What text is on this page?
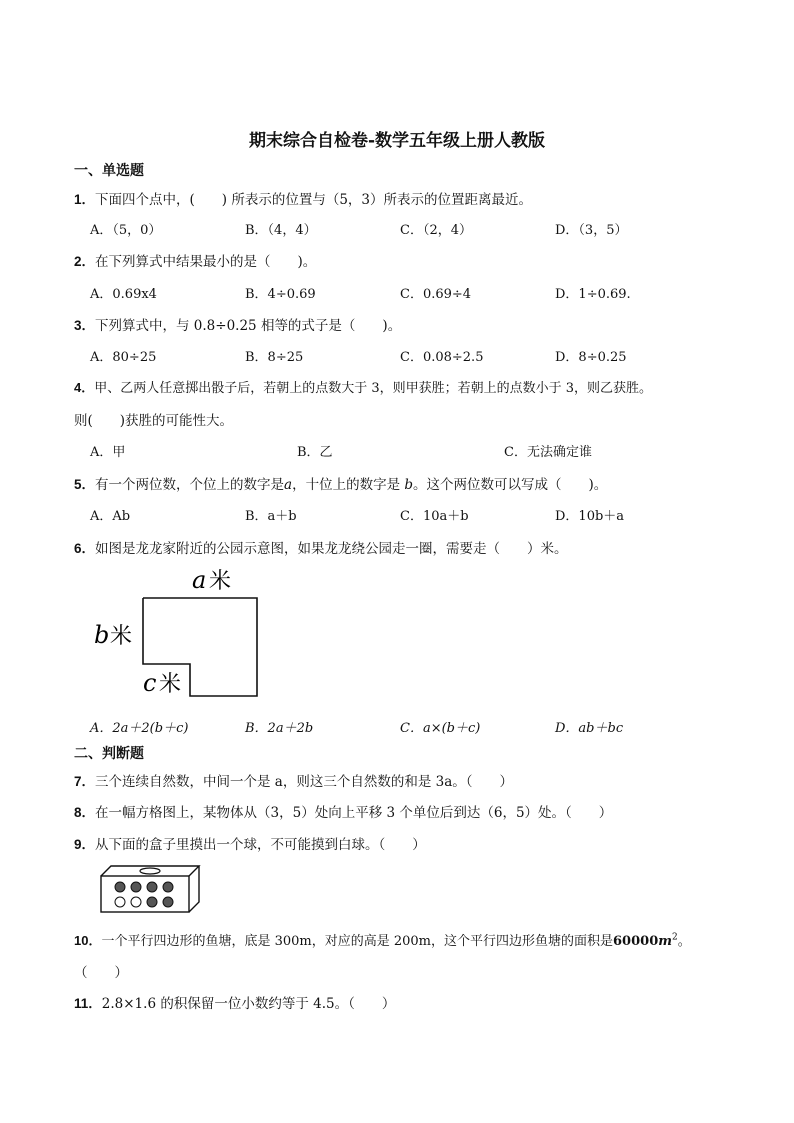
期末综合自检卷-数学五年级上册人教版
一、单选题
1．下面四个点中，(　　) 所表示的位置与（5，3）所表示的位置距离最近。
A．（5，0）	B．（4，4）	C．（2，4）	D．（3，5）
2．在下列算式中结果最小的是（　　)。
A．0.69x4	B．4÷0.69	C．0.69÷4	D．1÷0.69.
3．下列算式中，与 0.8÷0.25 相等的式子是（　　)。
A．80÷25	B．8÷25	C．0.08÷2.5	D．8÷0.25
4．甲、乙两人任意掷出骰子后，若朝上的点数大于 3，则甲获胜；若朝上的点数小于 3，则乙获胜。
则(　　)获胜的可能性大。
A．甲	B．乙	C．无法确定谁
5．有一个两位数，个位上的数字是a，十位上的数字是 b。这个两位数可以写成（　　)。
A．Ab	B．a＋b	C．10a＋b	D．10b＋a
6．如图是龙龙家附近的公园示意图，如果龙龙绕公园走一圈，需要走（　　）米。
a 米
b 米
c 米
A．2a＋2(b＋c)	B．2a＋2b	C．a×(b＋c)	D．ab＋bc
二、判断题
7．三个连续自然数，中间一个是 a，则这三个自然数的和是 3a。（　　）
8．在一幅方格图上，某物体从（3，5）处向上平移 3 个单位后到达（6，5）处。（　　）
9．从下面的盒子里摸出一个球，不可能摸到白球。（　　）
10．一个平行四边形的鱼塘，底是 300m，对应的高是 200m，这个平行四边形鱼塘的面积是$60000m^2$。
（　　）
11．2.8×1.6 的积保留一位小数约等于 4.5。（　　）
